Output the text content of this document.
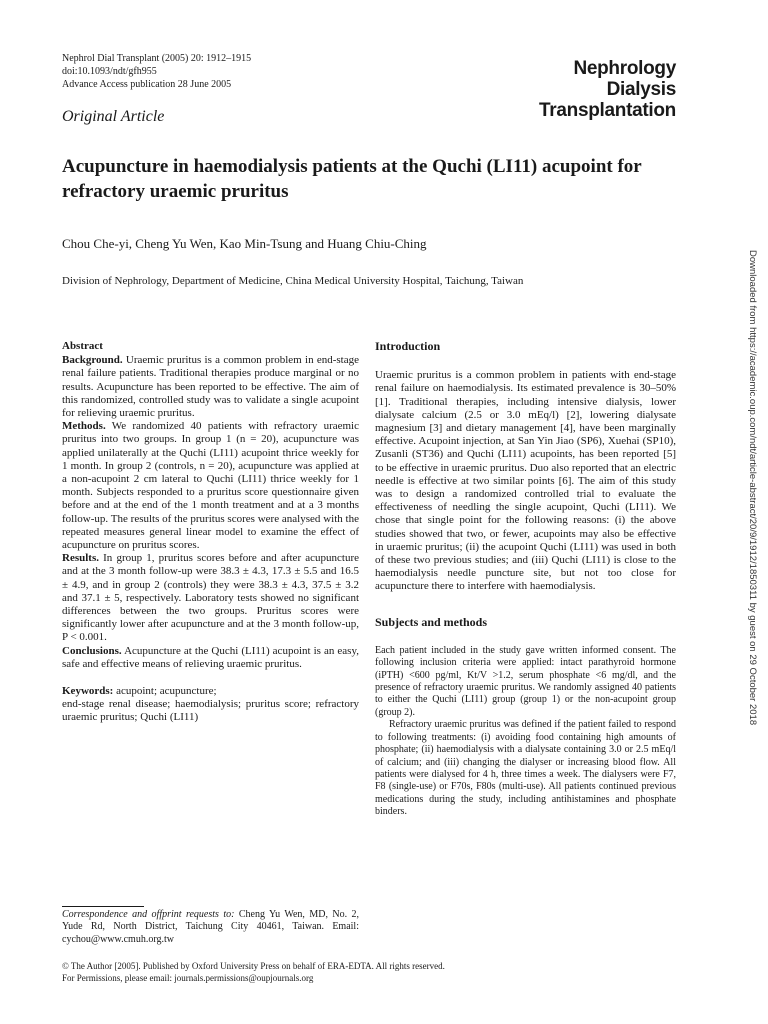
Nephrol Dial Transplant (2005) 20: 1912–1915
doi:10.1093/ndt/gfh955
Advance Access publication 28 June 2005
Nephrology
Dialysis
Transplantation
Original Article
Acupuncture in haemodialysis patients at the Quchi (LI11) acupoint for refractory uraemic pruritus
Chou Che-yi, Cheng Yu Wen, Kao Min-Tsung and Huang Chiu-Ching
Division of Nephrology, Department of Medicine, China Medical University Hospital, Taichung, Taiwan	Downloaded from https://academic.oup.com/ndt/article-abstract/20/9/1912/1850311 by guest on 29 October 2018

Abstract

Background. Uraemic pruritus is a common problem in end-stage renal failure patients. Traditional therapies produce marginal or no results. Acupuncture has been reported to be effective. The aim of this randomized, controlled study was to validate a single acupoint for relieving uraemic pruritus.

Methods. We randomized 40 patients with refractory uraemic pruritus into two groups. In group 1 (n = 20), acupuncture was applied unilaterally at the Quchi (LI11) acupoint thrice weekly for 1 month. In group 2 (controls, n = 20), acupuncture was applied at a non-acupoint 2 cm lateral to Quchi (LI11) thrice weekly for 1 month. Subjects responded to a pruritus score questionnaire given before and at the end of the 1 month treatment and at a 3 months follow-up. The results of the pruritus scores were analysed with the repeated measures general linear model to examine the effect of acupuncture on pruritus scores.

Results. In group 1, pruritus scores before and after acupuncture and at the 3 month follow-up were 38.3 ± 4.3, 17.3 ± 5.5 and 16.5 ± 4.9, and in group 2 (controls) they were 38.3 ± 4.3, 37.5 ± 3.2 and 37.1 ± 5, respectively. Laboratory tests showed no significant differences between the two groups. Pruritus scores were significantly lower after acupuncture and at the 3 month follow-up, P < 0.001.

Conclusions. Acupuncture at the Quchi (LI11) acupoint is an easy, safe and effective means of relieving uraemic pruritus.

Keywords: acupoint; acupuncture;
end-stage renal disease; haemodialysis; pruritus score; refractory uraemic pruritus; Quchi (LI11)

Correspondence and offprint requests to: Cheng Yu Wen, MD, No. 2, Yude Rd, North District, Taichung City 40461, Taiwan. Email: cychou@www.cmuh.org.tw

Introduction

Uraemic pruritus is a common problem in patients with end-stage renal failure on haemodialysis. Its estimated prevalence is 30–50% [1]. Traditional therapies, including intensive dialysis, lower dialysate calcium (2.5 or 3.0 mEq/l) [2], lowering dialysate magnesium [3] and dietary management [4], have been marginally effective. Acupoint injection, at San Yin Jiao (SP6), Xuehai (SP10), Zusanli (ST36) and Quchi (LI11) acupoints, has been reported [5] to be effective in uraemic pruritus. Duo also reported that an electric needle is effective at two similar points [6]. The aim of this study was to design a randomized controlled trial to evaluate the effectiveness of needling the single acupoint, Quchi (LI11). We chose that single point for the following reasons: (i) the above studies showed that two, or fewer, acupoints may also be effective in uraemic pruritus; (ii) the acupoint Quchi (LI11) was used in both of these two previous studies; and (iii) Quchi (LI11) is close to the haemodialysis needle puncture site, but not too close for acupuncture there to interfere with haemodialysis.

Subjects and methods

Each patient included in the study gave written informed consent. The following inclusion criteria were applied: intact parathyroid hormone (iPTH) <600 pg/ml, Kt/V >1.2, serum phosphate <6 mg/dl, and the presence of refractory uraemic pruritus. We randomly assigned 40 patients to either the Quchi (LI11) group (group 1) or the non-acupoint group (group 2).

Refractory uraemic pruritus was defined if the patient failed to respond to following treatments: (i) avoiding food containing high amounts of phosphate; (ii) haemodialysis with a dialysate containing 3.0 or 2.5 mEq/l of calcium; and (iii) changing the dialyser or increasing blood flow. All patients were dialysed for 4 h, three times a week. The dialysers were F7, F8 (single-use) or F70s, F80s (multi-use). All patients continued previous medications during the study, including antihistamines and phosphate binders.

© The Author [2005]. Published by Oxford University Press on behalf of ERA-EDTA. All rights reserved.
For Permissions, please email: journals.permissions@oupjournals.org
